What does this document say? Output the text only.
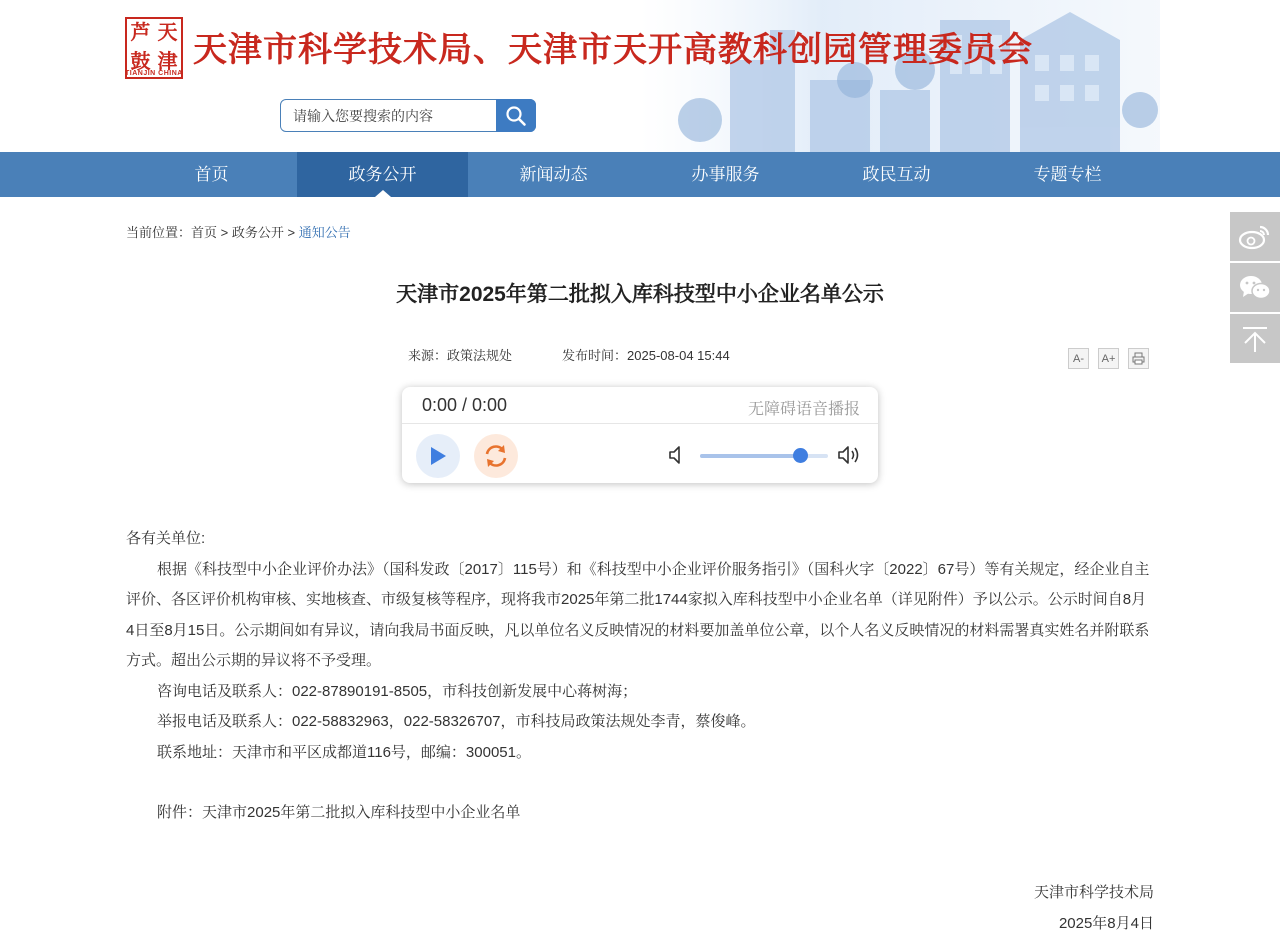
芦 天
鼓 津
TIANJIN CHINA
天津市科学技术局、天津市天开高教科创园管理委员会
请输入您要搜索的内容
首页	政务公开	新闻动态	办事服务	政民互动	专题专栏
当前位置：首页 > 政务公开 > 通知公告
天津市2025年第二批拟入库科技型中小企业名单公示
来源：政策法规处	发布时间：2025-08-04 15:44	A-	A+
0:00 / 0:00	无障碍语音播报

各有关单位:

根据《科技型中小企业评价办法》（国科发政〔2017〕115号）和《科技型中小企业评价服务指引》（国科火字〔2022〕67号）等有关规定，经企业自主评价、各区评价机构审核、实地核查、市级复核等程序，现将我市2025年第二批1744家拟入库科技型中小企业名单（详见附件）予以公示。公示时间自8月4日至8月15日。公示期间如有异议，请向我局书面反映，凡以单位名义反映情况的材料要加盖单位公章，以个人名义反映情况的材料需署真实姓名并附联系方式。超出公示期的异议将不予受理。

咨询电话及联系人：022-87890191-8505，市科技创新发展中心蒋树海；

举报电话及联系人：022-58832963，022-58326707，市科技局政策法规处李青，蔡俊峰。

联系地址：天津市和平区成都道116号，邮编：300051。

附件：天津市2025年第二批拟入库科技型中小企业名单

天津市科学技术局
2025年8月4日
